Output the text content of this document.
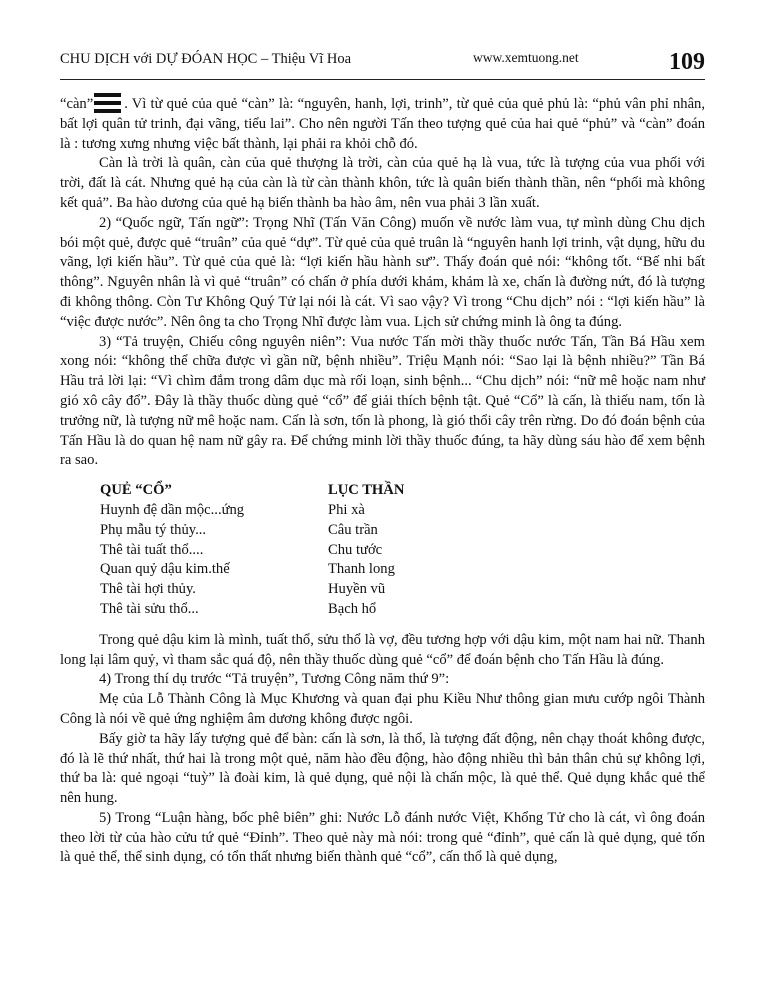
CHU DỊCH với DỰ ĐÓAN HỌC – Thiệu Vĩ Hoa	www.xemtuong.net	109

“càn” . Vì từ quẻ của quẻ “càn” là: “nguyên, hanh, lợi, trinh”, từ quẻ của quẻ phủ là: “phủ vân phỉ nhân, bất lợi quân tử trinh, đại vãng, tiểu lai”. Cho nên người Tấn theo tượng quẻ của hai quẻ “phủ” và “càn” đoán là : tương xưng nhưng việc bất thành, lại phải ra khỏi chỗ đó.

Càn là trời là quân, càn của quẻ thượng là trời, càn của quẻ hạ là vua, tức là tượng của vua phối với trời, đất là cát. Nhưng quẻ hạ của càn là từ càn thành khôn, tức là quân biến thành thần, nên “phối mà không kết quả”. Ba hào dương của quẻ hạ biến thành ba hào âm, nên vua phải 3 lần xuất.

2) “Quốc ngữ, Tấn ngữ”: Trọng Nhĩ (Tấn Văn Công) muốn về nước làm vua, tự mình dùng Chu dịch bói một quẻ, được quẻ “truân” của quẻ “dự”. Từ quẻ của quẻ truân là “nguyên hanh lợi trinh, vật dụng, hữu du vãng, lợi kiến hầu”. Từ quẻ của quẻ là: “lợi kiến hầu hành sư”. Thấy đoán quẻ nói: “không tốt. “Bế nhi bất thông”. Nguyên nhân là vì quẻ “truân” có chấn ở phía dưới khảm, khảm là xe, chấn là đường nứt, đó là tượng đi không thông. Còn Tư Không Quý Tử lại nói là cát. Vì sao vậy? Vì trong “Chu dịch” nói : “lợi kiến hầu” là “việc được nước”. Nên ông ta cho Trọng Nhĩ được làm vua. Lịch sử chứng minh là ông ta đúng.

3) “Tả truyện, Chiếu công nguyên niên”: Vua nước Tấn mời thầy thuốc nước Tấn, Tần Bá Hầu xem xong nói: “không thể chữa được vì gần nữ, bệnh nhiều”. Triệu Mạnh nói: “Sao lại là bệnh nhiều?” Tần Bá Hầu trả lời lại: “Vì chìm đắm trong dâm dục mà rối loạn, sinh bệnh... “Chu dịch” nói: “nữ mê hoặc nam như gió xô cây đổ”. Đây là thầy thuốc dùng quẻ “cổ” để giải thích bệnh tật. Quẻ “Cổ” là cấn, là thiếu nam, tốn là trưởng nữ, là tượng nữ mê hoặc nam. Cấn là sơn, tốn là phong, là gió thổi cây trên rừng. Do đó đoán bệnh của Tấn Hầu là do quan hệ nam nữ gây ra. Để chứng minh lời thầy thuốc đúng, ta hãy dùng sáu hào để xem bệnh ra sao.

QUẺ “CỔ”	LỤC THẦN
Huynh đệ dần mộc...ứng	Phi xà
Phụ mẫu tý thủy...	Câu trần
Thê tài tuất thổ....	Chu tước
Quan quỷ dậu kim.thế	Thanh long
Thê tài hợi thủy.	Huyền vũ
Thê tài sửu thổ...	Bạch hổ

Trong quẻ dậu kim là mình, tuất thổ, sửu thổ là vợ, đều tương hợp với dậu kim, một nam hai nữ. Thanh long lại lâm quỷ, vì tham sắc quá độ, nên thầy thuốc dùng quẻ “cổ” để đoán bệnh cho Tấn Hầu là đúng.

4) Trong thí dụ trước “Tả truyện”, Tương Công năm thứ 9”:

Mẹ của Lỗ Thành Công là Mục Khương và quan đại phu Kiều Như thông gian mưu cướp ngôi Thành Công là nói về quẻ ứng nghiệm âm dương không được ngôi.

Bấy giờ ta hãy lấy tượng quẻ để bàn: cấn là sơn, là thổ, là tượng đất động, nên chạy thoát không được, đó là lẽ thứ nhất, thứ hai là trong một quẻ, năm hào đều động, hào động nhiều thì bản thân chủ sự không lợi, thứ ba là: quẻ ngoại “tuỳ” là đoài kim, là quẻ dụng, quẻ nội là chấn mộc, là quẻ thể. Quẻ dụng khắc quẻ thể nên hung.

5) Trong “Luận hàng, bốc phê biên” ghi: Nước Lỗ đánh nước Việt, Khổng Tử cho là cát, vì ông đoán theo lời từ của hào cửu tứ quẻ “Đỉnh”. Theo quẻ này mà nói: trong quẻ “đỉnh”, quẻ cấn là quẻ dụng, quẻ tốn là quẻ thể, thể sinh dụng, có tổn thất nhưng biến thành quẻ “cổ”, cấn thổ là quẻ dụng,
